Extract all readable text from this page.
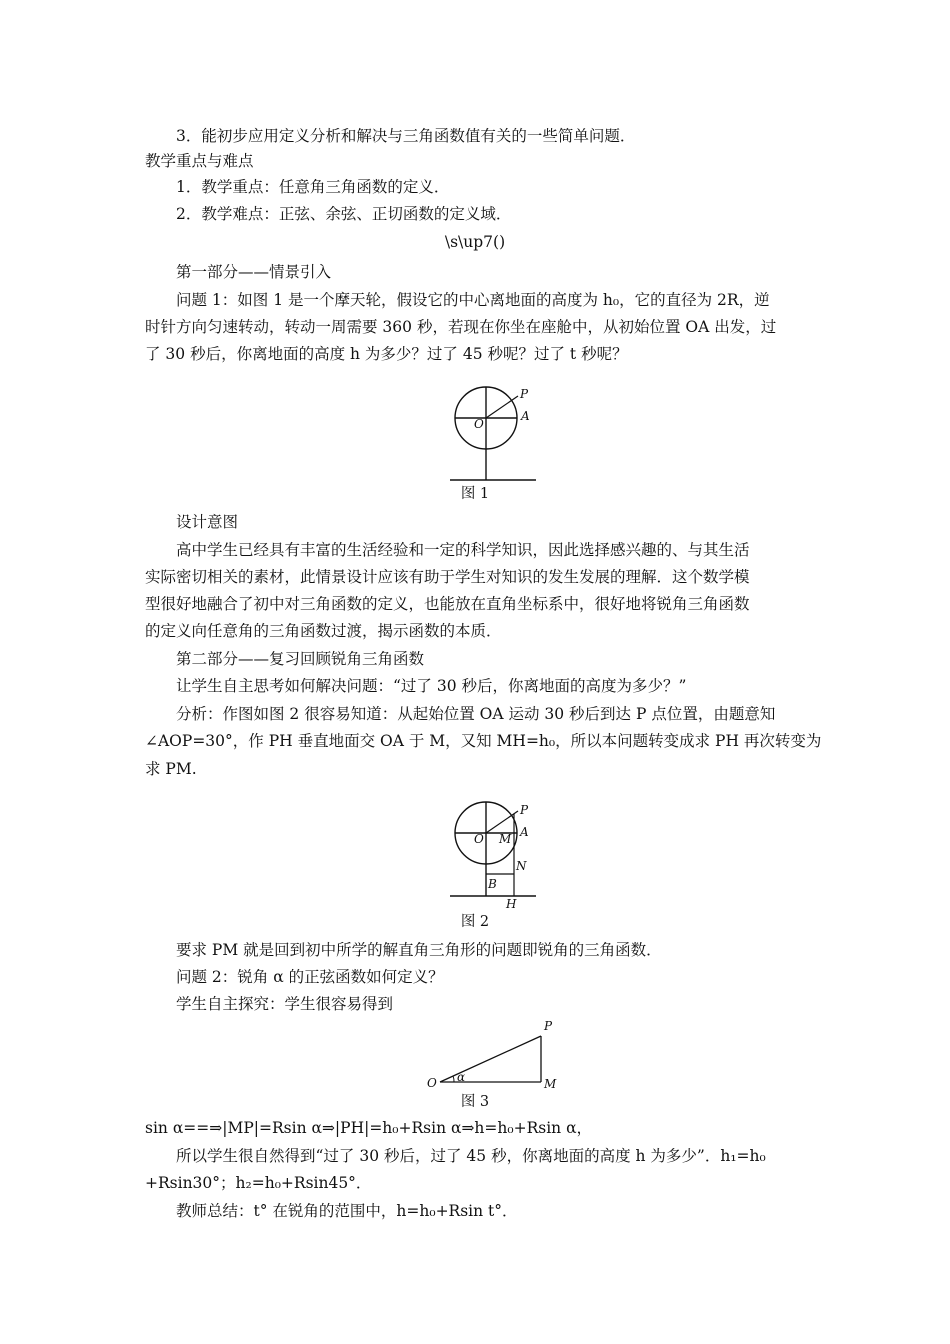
3．能初步应用定义分析和解决与三角函数值有关的一些简单问题．
教学重点与难点
1．教学重点：任意角三角函数的定义．
2．教学难点：正弦、余弦、正切函数的定义域．
\s\up7()
第一部分——情景引入
问题 1：如图 1 是一个摩天轮，假设它的中心离地面的高度为 h₀，它的直径为 2R，逆
时针方向匀速转动，转动一周需要 360 秒，若现在你坐在座舱中，从初始位置 OA 出发，过
了 30 秒后，你离地面的高度 h 为多少？过了 45 秒呢？过了 t 秒呢？
P
O
A
图 1
设计意图
高中学生已经具有丰富的生活经验和一定的科学知识，因此选择感兴趣的、与其生活
实际密切相关的素材，此情景设计应该有助于学生对知识的发生发展的理解．这个数学模
型很好地融合了初中对三角函数的定义，也能放在直角坐标系中，很好地将锐角三角函数
的定义向任意角的三角函数过渡，揭示函数的本质．
第二部分——复习回顾锐角三角函数
让学生自主思考如何解决问题：“过了 30 秒后，你离地面的高度为多少？”
分析：作图如图 2 很容易知道：从起始位置 OA 运动 30 秒后到达 P 点位置，由题意知
∠AOP=30°，作 PH 垂直地面交 OA 于 M，又知 MH=h₀，所以本问题转变成求 PH 再次转变为
求 PM.
P
O M A
N
B
H
图 2
要求 PM 就是回到初中所学的解直角三角形的问题即锐角的三角函数．
问题 2：锐角 α 的正弦函数如何定义？
学生自主探究：学生很容易得到
P
O α	M
图 3
sin α==⇒|MP|=Rsin α⇒|PH|=h₀+Rsin α⇒h=h₀+Rsin α，
所以学生很自然得到“过了 30 秒后，过了 45 秒，你离地面的高度 h 为多少”．h₁=h₀
+Rsin30°；h₂=h₀+Rsin45°．
教师总结：t° 在锐角的范围中，h=h₀+Rsin t°．
